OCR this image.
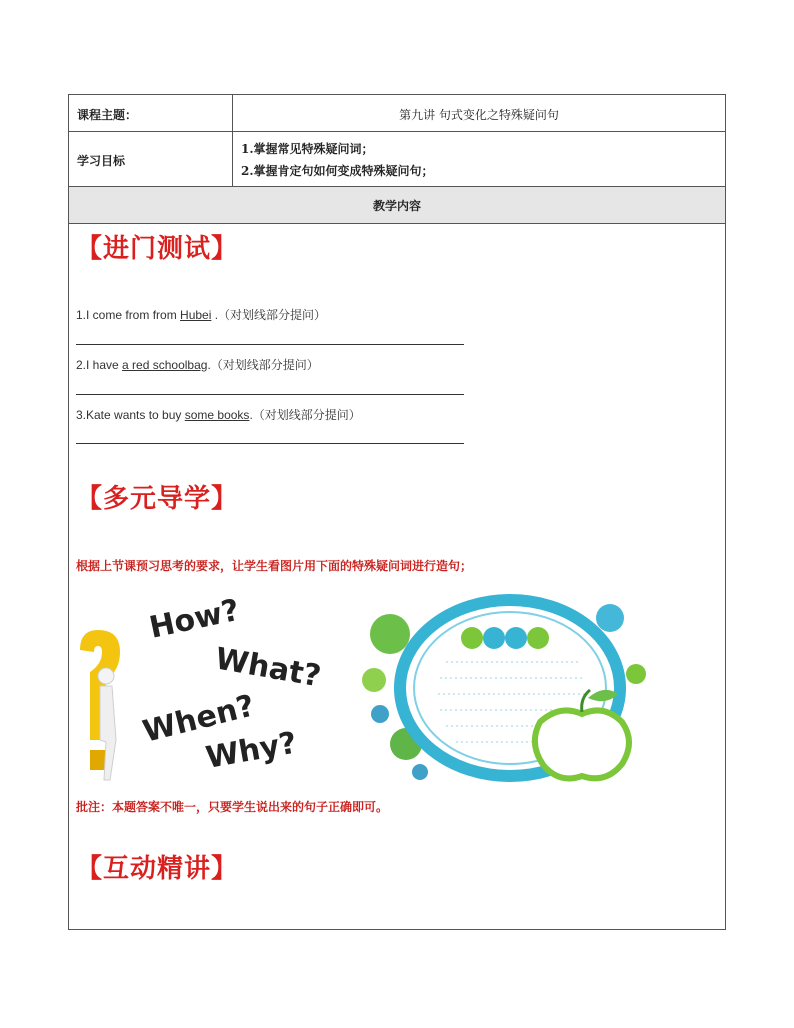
课程主题：	第九讲 句式变化之特殊疑问句
学习目标
1.掌握常见特殊疑问词；
2.掌握肯定句如何变成特殊疑问句；
教学内容
【进门测试】
1.I come from from Hubei .（对划线部分提问）
2.I have a red schoolbag.（对划线部分提问）
3.Kate wants to buy some books.（对划线部分提问）
【多元导学】
根据上节课预习思考的要求，让学生看图片用下面的特殊疑问词进行造句；
How?
What?
When?
Why?
批注：本题答案不唯一，只要学生说出来的句子正确即可。
【互动精讲】
